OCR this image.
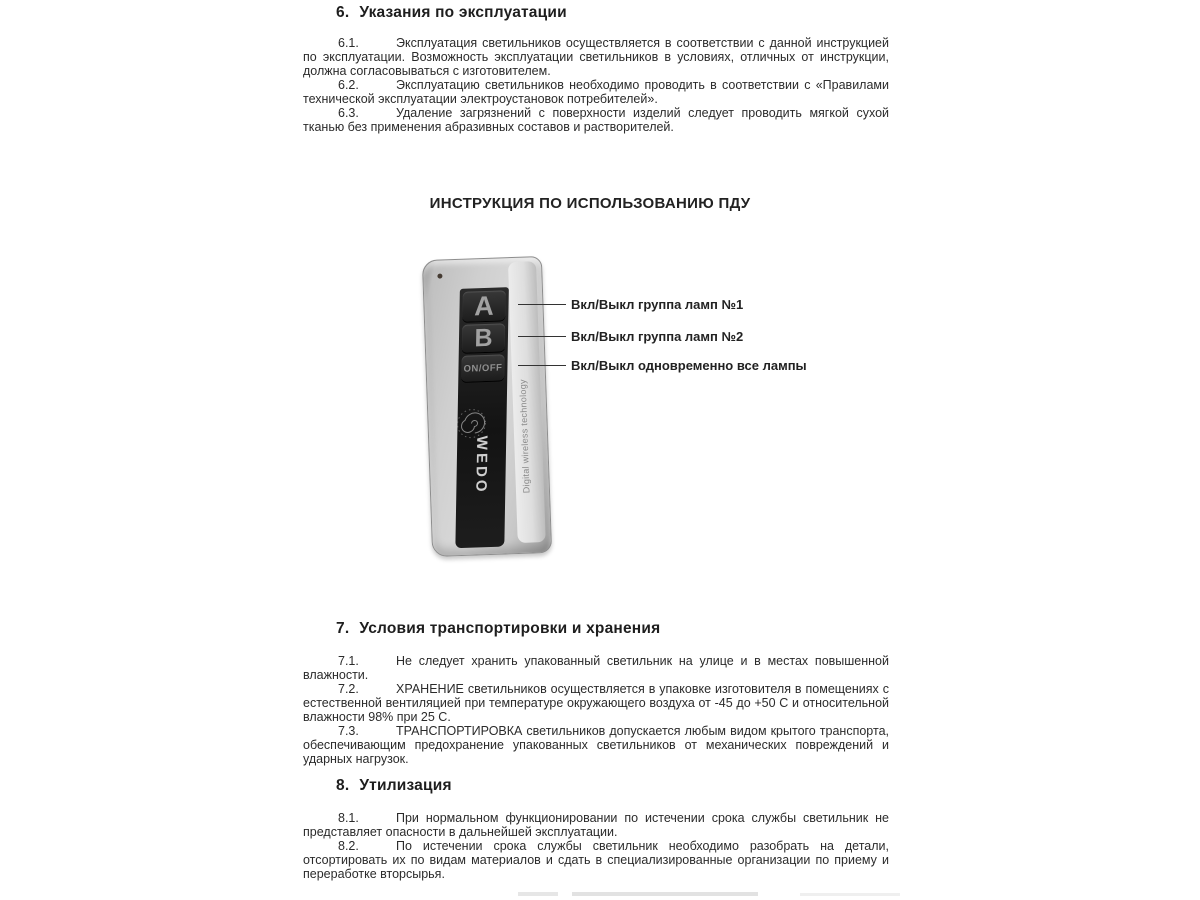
6. Указания по эксплуатации

6.1.	Эксплуатация светильников осуществляется в соответствии с данной инструкцией по эксплуатации. Возможность эксплуатации светильников в условиях, отличных от инструкции, должна согласовываться с изготовителем.

6.2.	Эксплуатацию светильников необходимо проводить в соответствии с «Правилами технической эксплуатации электроустановок потребителей».

6.3.	Удаление загрязнений с поверхности изделий следует проводить мягкой сухой тканью без применения абразивных составов и растворителей.

ИНСТРУКЦИЯ ПО ИСПОЛЬЗОВАНИЮ ПДУ
Digital wireless technology
A
B
ON/OFF
WEDO
Вкл/Выкл группа ламп №1
Вкл/Выкл группа ламп №2
Вкл/Выкл одновременно все лампы
7. Условия транспортировки и хранения

7.1.	Не следует хранить упакованный светильник на улице и в местах повышенной влажности.

7.2.	ХРАНЕНИЕ светильников осуществляется в упаковке изготовителя в помещениях с естественной вентиляцией при температуре окружающего воздуха от -45 до +50 С и относительной влажности 98% при 25 С.

7.3.	ТРАНСПОРТИРОВКА светильников допускается любым видом крытого транспорта, обеспечивающим предохранение упакованных светильников от механических повреждений и ударных нагрузок.

8. Утилизация

8.1.	При нормальном функционировании по истечении срока службы светильник не представляет опасности в дальнейшей эксплуатации.

8.2.	По истечении срока службы светильник необходимо разобрать на детали, отсортировать их по видам материалов и сдать в специализированные организации по приему и переработке вторсырья.
